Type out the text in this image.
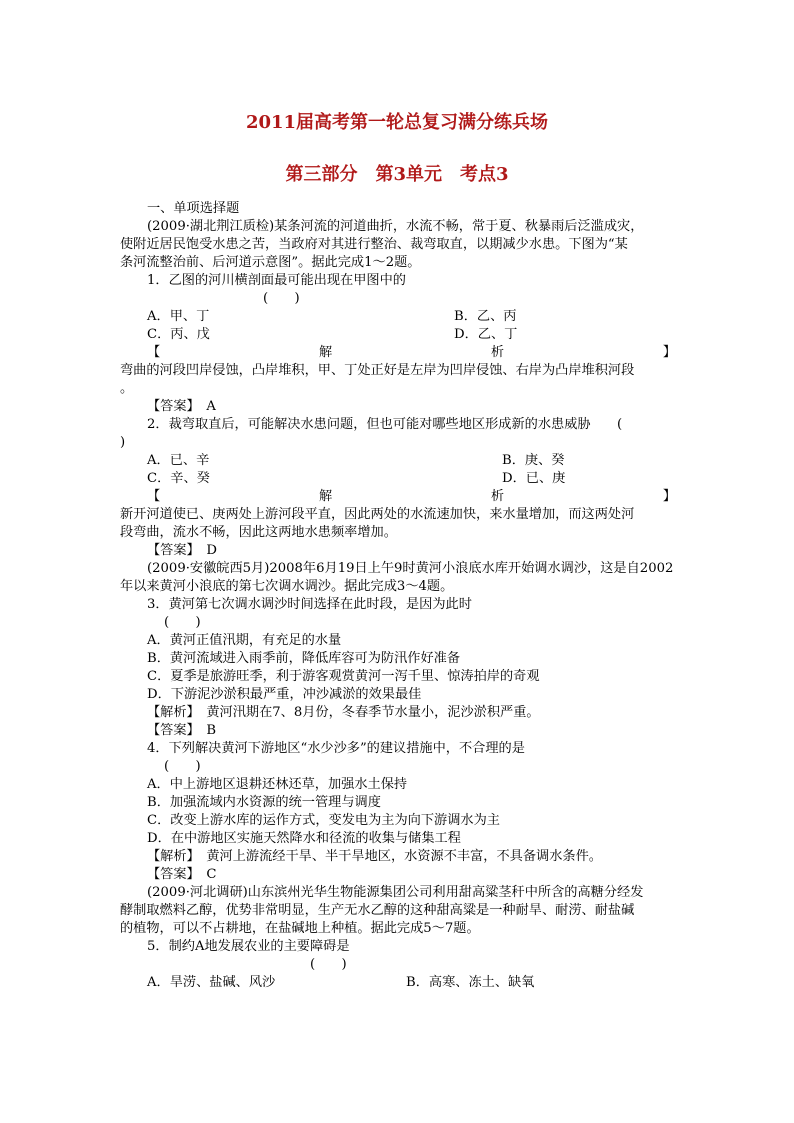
2011届高考第一轮总复习满分练兵场
第三部分　第3单元　考点3
一、单项选择题
(2009·湖北荆江质检)某条河流的河道曲折，水流不畅，常于夏、秋暴雨后泛滥成灾，
使附近居民饱受水患之苦，当政府对其进行整治、裁弯取直，以期减少水患。下图为“某
条河流整治前、后河道示意图”。据此完成1～2题。
1．乙图的河川横剖面最可能出现在甲图中的
(　　)
A．甲、丁	B．乙、丙
C．丙、戊	D．乙、丁
【	解	析	】
弯曲的河段凹岸侵蚀，凸岸堆积，甲、丁处正好是左岸为凹岸侵蚀、右岸为凸岸堆积河段
。
【答案】　A
2．裁弯取直后，可能解决水患问题，但也可能对哪些地区形成新的水患威胁　　(
)
A．已、辛	B．庚、癸
C．辛、癸	D．已、庚
【	解	析	】
新开河道使已、庚两处上游河段平直，因此两处的水流速加快，来水量增加，而这两处河
段弯曲，流水不畅，因此这两地水患频率增加。
【答案】　D
(2009·安徽皖西5月)2008年6月19日上午9时黄河小浪底水库开始调水调沙，这是自2002
年以来黄河小浪底的第七次调水调沙。据此完成3～4题。
3．黄河第七次调水调沙时间选择在此时段，是因为此时
(　　)
A．黄河正值汛期，有充足的水量
B．黄河流域进入雨季前，降低库容可为防汛作好准备
C．夏季是旅游旺季，利于游客观赏黄河一泻千里、惊涛拍岸的奇观
D．下游泥沙淤积最严重，冲沙减淤的效果最佳
【解析】　黄河汛期在7、8月份，冬春季节水量小，泥沙淤积严重。
【答案】　B
4．下列解决黄河下游地区“水少沙多”的建议措施中，不合理的是
(　　)
A．中上游地区退耕还林还草，加强水土保持
B．加强流域内水资源的统一管理与调度
C．改变上游水库的运作方式，变发电为主为向下游调水为主
D．在中游地区实施天然降水和径流的收集与储集工程
【解析】　黄河上游流经干旱、半干旱地区，水资源不丰富，不具备调水条件。
【答案】　C
(2009·河北调研)山东滨州光华生物能源集团公司利用甜高粱茎秆中所含的高糖分经发
酵制取燃料乙醇，优势非常明显，生产无水乙醇的这种甜高粱是一种耐旱、耐涝、耐盐碱
的植物，可以不占耕地，在盐碱地上种植。据此完成5～7题。
5．制约A地发展农业的主要障碍是
(　　)
A．旱涝、盐碱、风沙	B．高寒、冻土、缺氧
